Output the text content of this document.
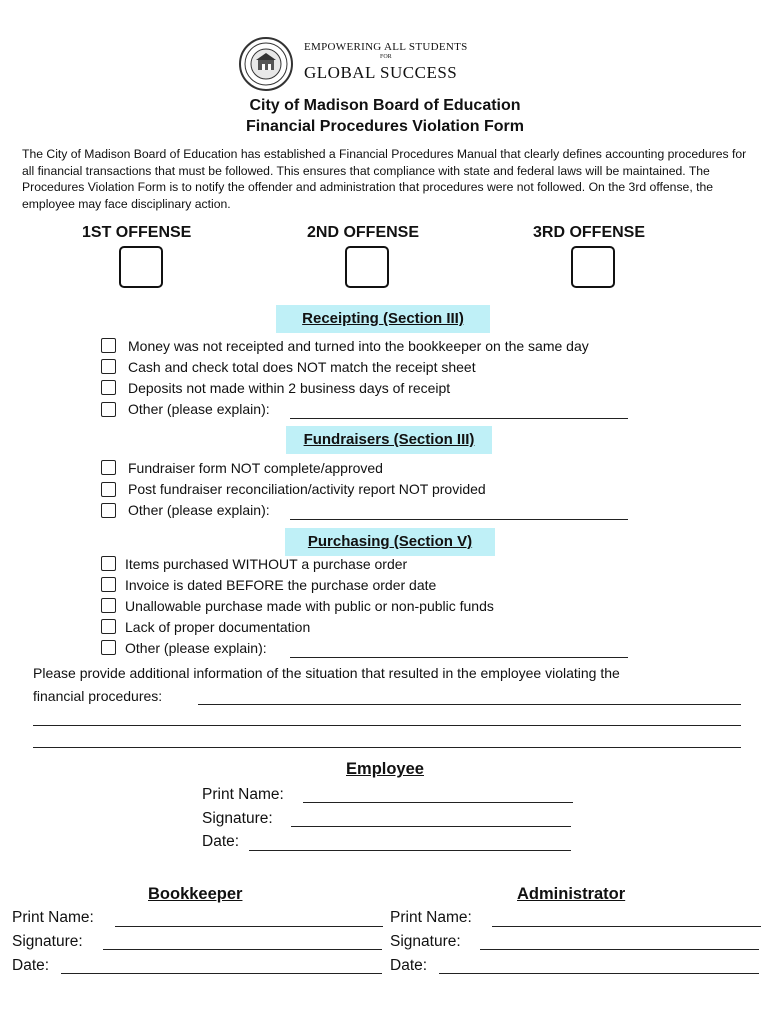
EMPOWERING ALL STUDENTS
FOR
GLOBAL SUCCESS
City of Madison Board of Education
Financial Procedures Violation Form
The City of Madison Board of Education has established a Financial Procedures Manual that clearly defines accounting procedures for all financial transactions that must be followed. This ensures that compliance with state and federal laws will be maintained. The Procedures Violation Form is to notify the offender and administration that procedures were not followed. On the 3rd offense, the employee may face disciplinary action.
1ST OFFENSE	2ND OFFENSE	3RD OFFENSE
Receipting (Section III)
Money was not receipted and turned into the bookkeeper on the same day
Cash and check total does NOT match the receipt sheet
Deposits not made within 2 business days of receipt
Other (please explain):
Fundraisers (Section III)
Fundraiser form NOT complete/approved
Post fundraiser reconciliation/activity report NOT provided
Other (please explain):
Purchasing (Section V)
Items purchased WITHOUT a purchase order
Invoice is dated BEFORE the purchase order date
Unallowable purchase made with public or non-public funds
Lack of proper documentation
Other (please explain):
Please provide additional information of the situation that resulted in the employee violating the
financial procedures:
Employee
Print Name:
Signature:
Date:
Bookkeeper
Print Name:
Signature:
Date:
Administrator
Print Name:
Signature:
Date:
